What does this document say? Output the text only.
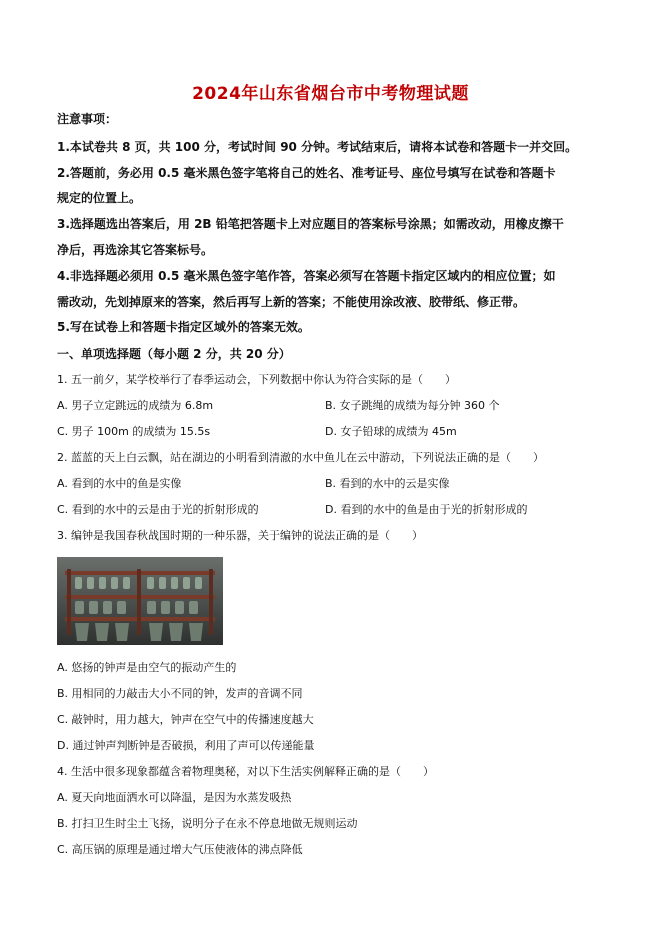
2024年山东省烟台市中考物理试题
注意事项：
1.本试卷共 8 页，共 100 分，考试时间 90 分钟。考试结束后，请将本试卷和答题卡一并交回。
2.答题前，务必用 0.5 毫米黑色签字笔将自己的姓名、准考证号、座位号填写在试卷和答题卡
规定的位置上。
3.选择题选出答案后，用 2B 铅笔把答题卡上对应题目的答案标号涂黑；如需改动，用橡皮擦干
净后，再选涂其它答案标号。
4.非选择题必须用 0.5 毫米黑色签字笔作答，答案必须写在答题卡指定区域内的相应位置；如
需改动，先划掉原来的答案，然后再写上新的答案；不能使用涂改液、胶带纸、修正带。
5.写在试卷上和答题卡指定区域外的答案无效。
一、单项选择题（每小题 2 分，共 20 分）
1. 五一前夕，某学校举行了春季运动会，下列数据中你认为符合实际的是（　　）
A. 男子立定跳远的成绩为 6.8m	B. 女子跳绳的成绩为每分钟 360 个
C. 男子 100m 的成绩为 15.5s	D. 女子铅球的成绩为 45m
2. 蓝蓝的天上白云飘，站在湖边的小明看到清澈的水中鱼儿在云中游动，下列说法正确的是（　　）
A. 看到的水中的鱼是实像	B. 看到的水中的云是实像
C. 看到的水中的云是由于光的折射形成的	D. 看到的水中的鱼是由于光的折射形成的
3. 编钟是我国春秋战国时期的一种乐器，关于编钟的说法正确的是（　　）
A. 悠扬的钟声是由空气的振动产生的
B. 用相同的力敲击大小不同的钟，发声的音调不同
C. 敲钟时，用力越大，钟声在空气中的传播速度越大
D. 通过钟声判断钟是否破损，利用了声可以传递能量
4. 生活中很多现象都蕴含着物理奥秘，对以下生活实例解释正确的是（　　）
A. 夏天向地面洒水可以降温，是因为水蒸发吸热
B. 打扫卫生时尘土飞扬，说明分子在永不停息地做无规则运动
C. 高压锅的原理是通过增大气压使液体的沸点降低
